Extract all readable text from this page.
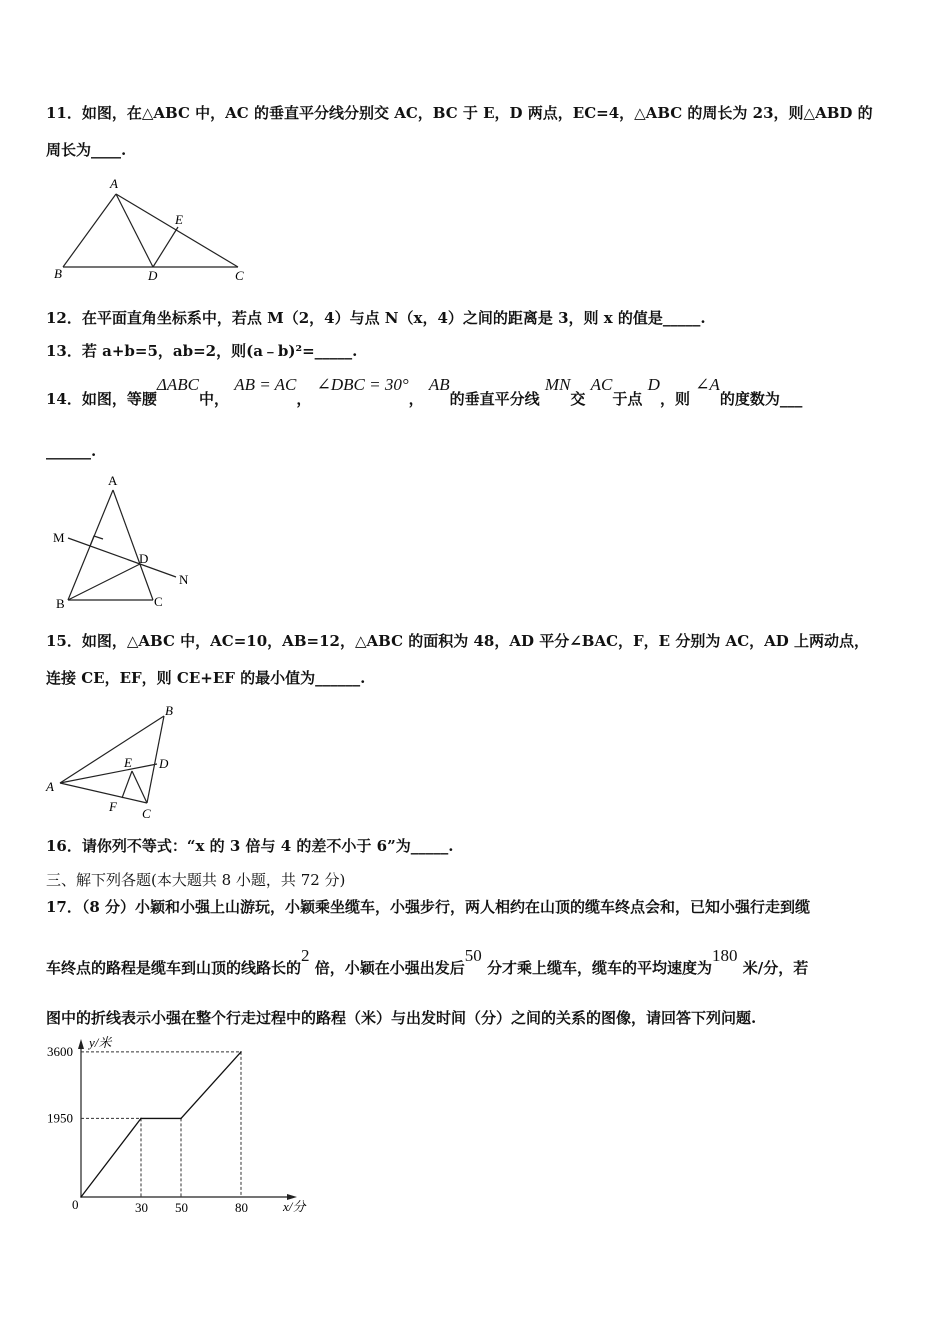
11．如图，在△ABC 中，AC 的垂直平分线分别交 AC，BC 于 E，D 两点，EC=4，△ABC 的周长为 23，则△ABD 的
周长为____.
A
E
B	D	C
12．在平面直角坐标系中，若点 M（2，4）与点 N（x，4）之间的距离是 3，则 x 的值是_____.
13．若 a+b=5，ab=2，则(a﹣b)²=_____.
14．如图，等腰ΔABC中， AB = AC， ∠DBC = 30°， AB的垂直平分线 MN交 AC于点 D，则 ∠A的度数为___
______.
A
M
D
N
B	C
15．如图，△ABC 中，AC=10，AB=12，△ABC 的面积为 48，AD 平分∠BAC，F，E 分别为 AC，AD 上两动点，
连接 CE，EF，则 CE+EF 的最小值为______.
B
E D
A
F C
16．请你列不等式：“x 的 3 倍与 4 的差不小于 6”为_____.
三、解下列各题(本大题共 8 小题，共 72 分)
17．（8 分）小颖和小强上山游玩，小颖乘坐缆车，小强步行，两人相约在山顶的缆车终点会和，已知小强行走到缆
车终点的路程是缆车到山顶的线路长的2 倍，小颖在小强出发后50 分才乘上缆车，缆车的平均速度为180 米/分，若
图中的折线表示小强在整个行走过程中的路程（米）与出发时间（分）之间的关系的图像，请回答下列问题.
y/米
x/分
0	30 50	80
1950
3600
